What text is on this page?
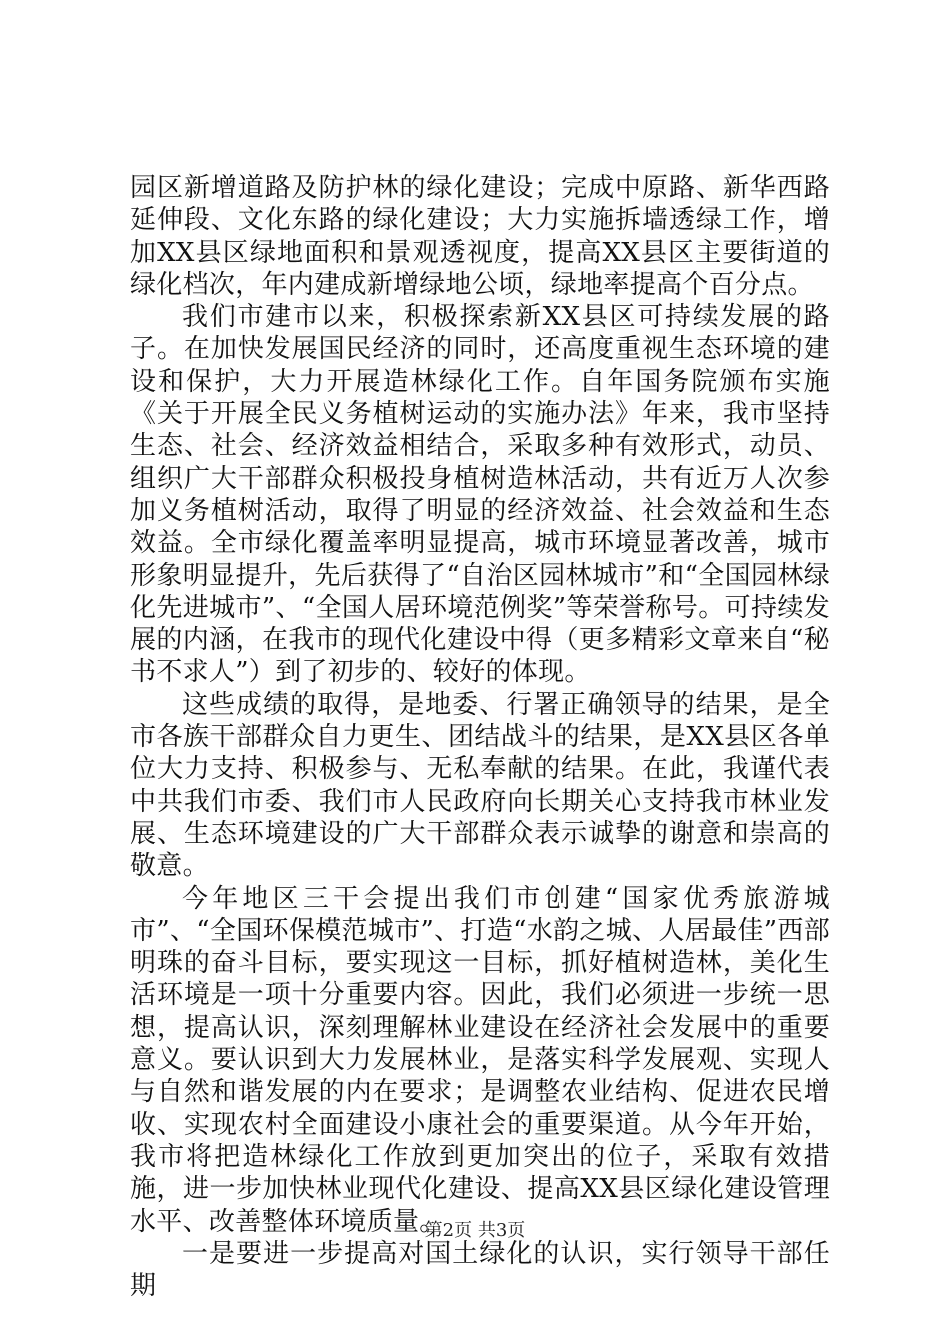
园区新增道路及防护林的绿化建设；完成中原路、新华西路延伸段、文化东路的绿化建设；大力实施拆墙透绿工作，增加XX县区绿地面积和景观透视度，提高XX县区主要街道的绿化档次，年内建成新增绿地公顷，绿地率提高个百分点。

我们市建市以来，积极探索新XX县区可持续发展的路子。在加快发展国民经济的同时，还高度重视生态环境的建设和保护，大力开展造林绿化工作。自年国务院颁布实施《关于开展全民义务植树运动的实施办法》年来，我市坚持生态、社会、经济效益相结合，采取多种有效形式，动员、组织广大干部群众积极投身植树造林活动，共有近万人次参加义务植树活动，取得了明显的经济效益、社会效益和生态效益。全市绿化覆盖率明显提高，城市环境显著改善，城市形象明显提升，先后获得了“自治区园林城市”和“全国园林绿化先进城市”、“全国人居环境范例奖”等荣誉称号。可持续发展的内涵，在我市的现代化建设中得（更多精彩文章来自“秘书不求人”）到了初步的、较好的体现。

这些成绩的取得，是地委、行署正确领导的结果，是全市各族干部群众自力更生、团结战斗的结果，是XX县区各单位大力支持、积极参与、无私奉献的结果。在此，我谨代表中共我们市委、我们市人民政府向长期关心支持我市林业发展、生态环境建设的广大干部群众表示诚挚的谢意和崇高的敬意。

今年地区三干会提出我们市创建“国家优秀旅游城市”、“全国环保模范城市”、打造“水韵之城、人居最佳”西部明珠的奋斗目标，要实现这一目标，抓好植树造林，美化生活环境是一项十分重要内容。因此，我们必须进一步统一思想，提高认识，深刻理解林业建设在经济社会发展中的重要意义。要认识到大力发展林业，是落实科学发展观、实现人与自然和谐发展的内在要求；是调整农业结构、促进农民增收、实现农村全面建设小康社会的重要渠道。从今年开始，我市将把造林绿化工作放到更加突出的位子，采取有效措施，进一步加快林业现代化建设、提高XX县区绿化建设管理水平、改善整体环境质量。

一是要进一步提高对国土绿化的认识，实行领导干部任期

第2页 共3页
